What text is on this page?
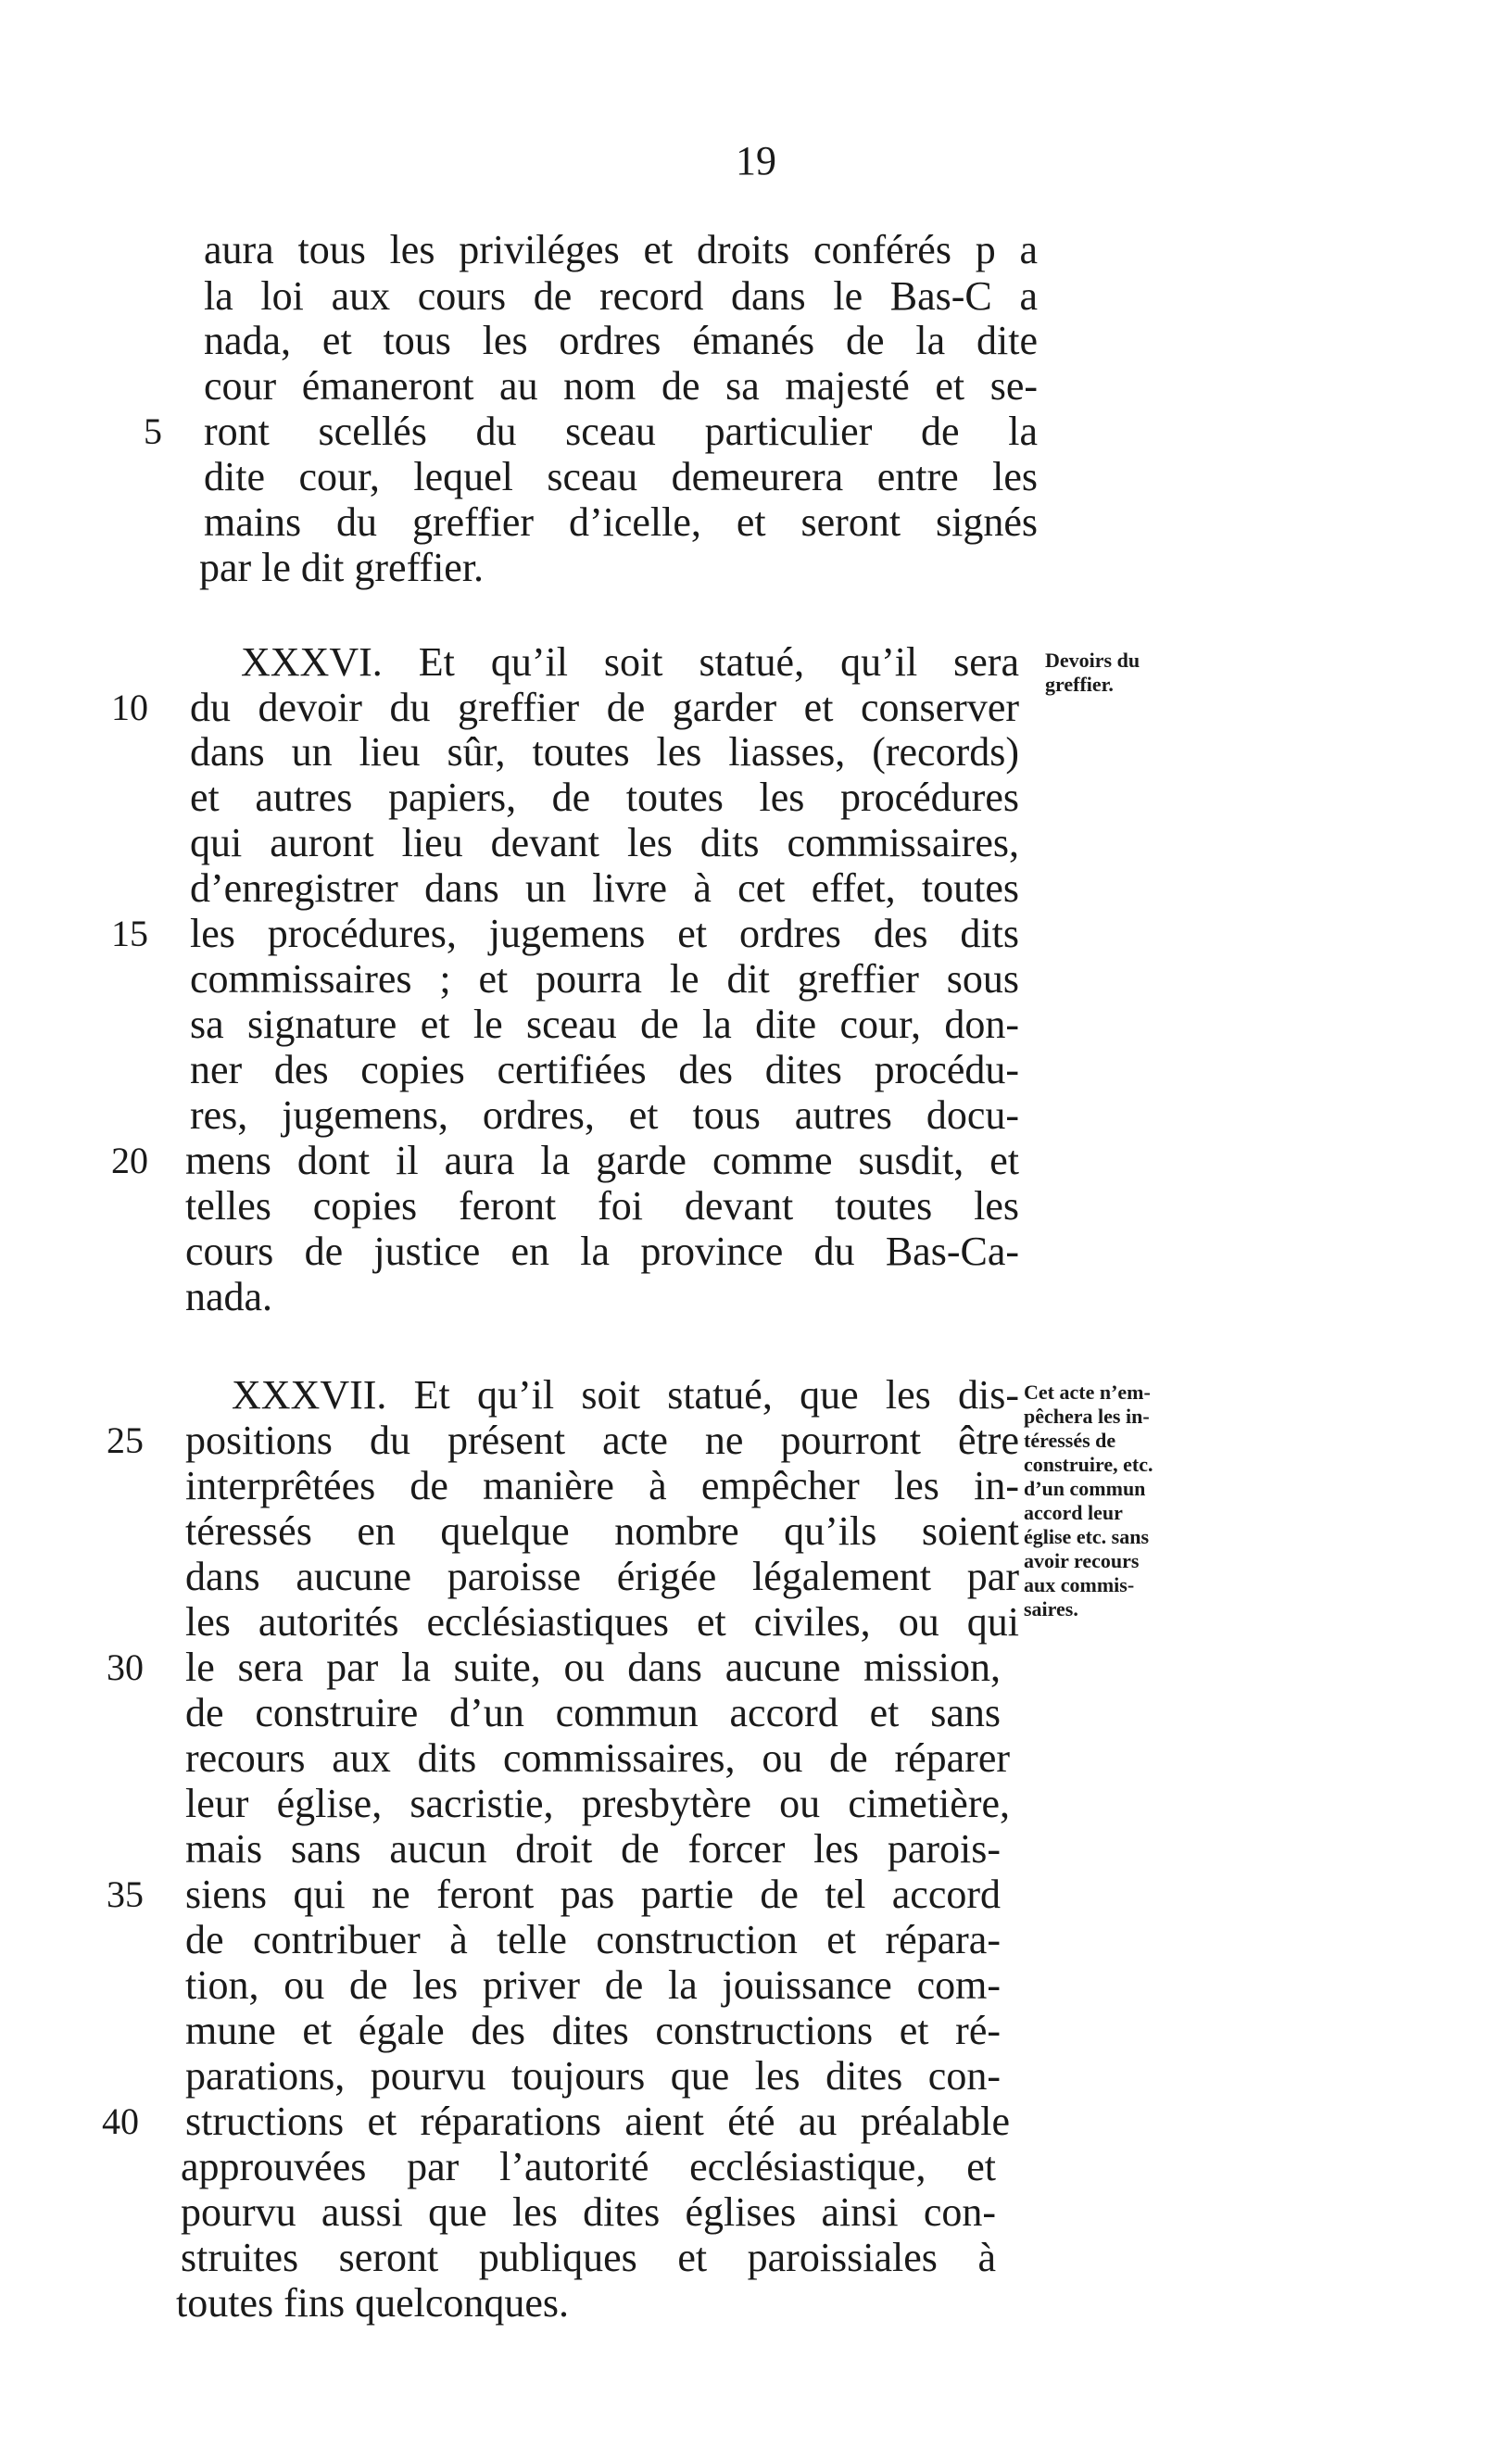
19
aura tous les priviléges et droits conférés p a
la loi aux cours de record dans le Bas-C a
nada, et tous les ordres émanés de la dite
cour émaneront au nom de sa majesté et se-
ront scellés du sceau particulier de la
dite cour, lequel sceau demeurera entre les
mains du greffier d’icelle, et seront signés
par le dit greffier.
XXXVI. Et qu’il soit statué, qu’il sera
du devoir du greffier de garder et conserver
dans un lieu sûr, toutes les liasses, (records)
et autres papiers, de toutes les procédures
qui auront lieu devant les dits commissaires,
d’enregistrer dans un livre à cet effet, toutes
les procédures, jugemens et ordres des dits
commissaires ; et pourra le dit greffier sous
sa signature et le sceau de la dite cour, don-
ner des copies certifiées des dites procédu-
res, jugemens, ordres, et tous autres docu-
mens dont il aura la garde comme susdit, et
telles copies feront foi devant toutes les
cours de justice en la province du Bas-Ca-
nada.
XXXVII. Et qu’il soit statué, que les dis-
positions du présent acte ne pourront être
interprêtées de manière à empêcher les in-
téressés en quelque nombre qu’ils soient
dans aucune paroisse érigée légalement par
les autorités ecclésiastiques et civiles, ou qui
le sera par la suite, ou dans aucune mission,
de construire d’un commun accord et sans
recours aux dits commissaires, ou de réparer
leur église, sacristie, presbytère ou cimetière,
mais sans aucun droit de forcer les parois-
siens qui ne feront pas partie de tel accord
de contribuer à telle construction et répara-
tion, ou de les priver de la jouissance com-
mune et égale des dites constructions et ré-
parations, pourvu toujours que les dites con-
structions et réparations aient été au préalable
approuvées par l’autorité ecclésiastique, et
pourvu aussi que les dites églises ainsi con-
struites seront publiques et paroissiales à
toutes fins quelconques.
5
10
15
20
25
30
35
40
Devoirs du
greffier.
Cet acte n’em-
pêchera les in-
téressés de
construire, etc.
d’un commun
accord leur
église etc. sans
avoir recours
aux commis-
saires.
